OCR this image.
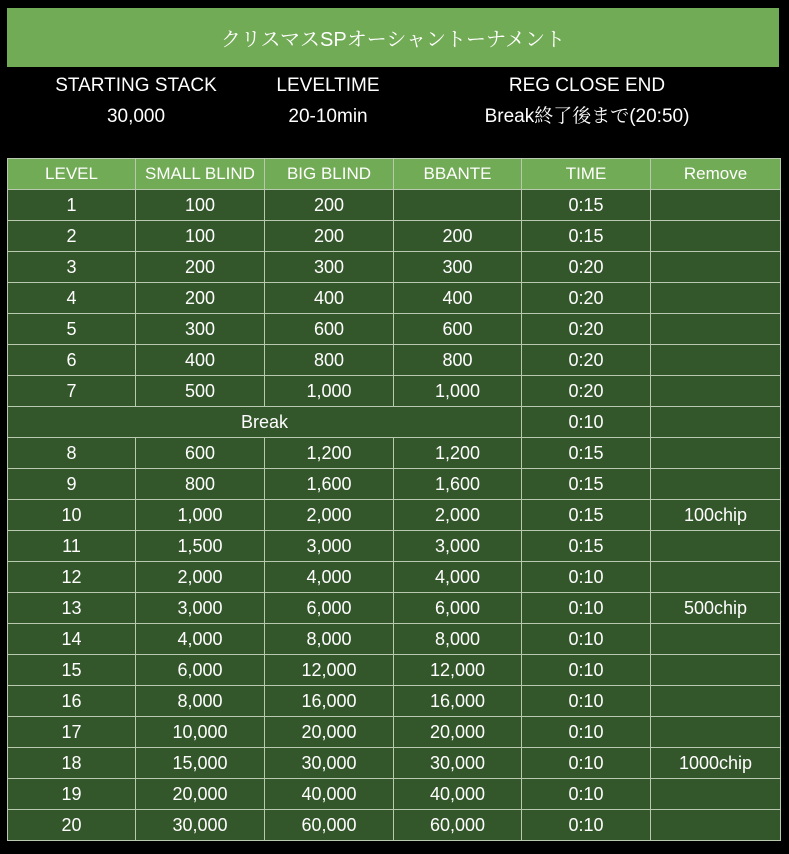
クリスマスSPオーシャントーナメント
STARTING STACK
30,000
LEVELTIME
20-10min
REG CLOSE END
Break終了後まで(20:50)
LEVEL	SMALL BLIND	BIG BLIND	BBANTE	TIME	Remove
1	100	200		0:15	
2	100	200	200	0:15	
3	200	300	300	0:20	
4	200	400	400	0:20	
5	300	600	600	0:20	
6	400	800	800	0:20	
7	500	1,000	1,000	0:20	
Break				0:10	
8	600	1,200	1,200	0:15	
9	800	1,600	1,600	0:15	
10	1,000	2,000	2,000	0:15	100chip
11	1,500	3,000	3,000	0:15	
12	2,000	4,000	4,000	0:10	
13	3,000	6,000	6,000	0:10	500chip
14	4,000	8,000	8,000	0:10	
15	6,000	12,000	12,000	0:10	
16	8,000	16,000	16,000	0:10	
17	10,000	20,000	20,000	0:10	
18	15,000	30,000	30,000	0:10	1000chip
19	20,000	40,000	40,000	0:10	
20	30,000	60,000	60,000	0:10	
